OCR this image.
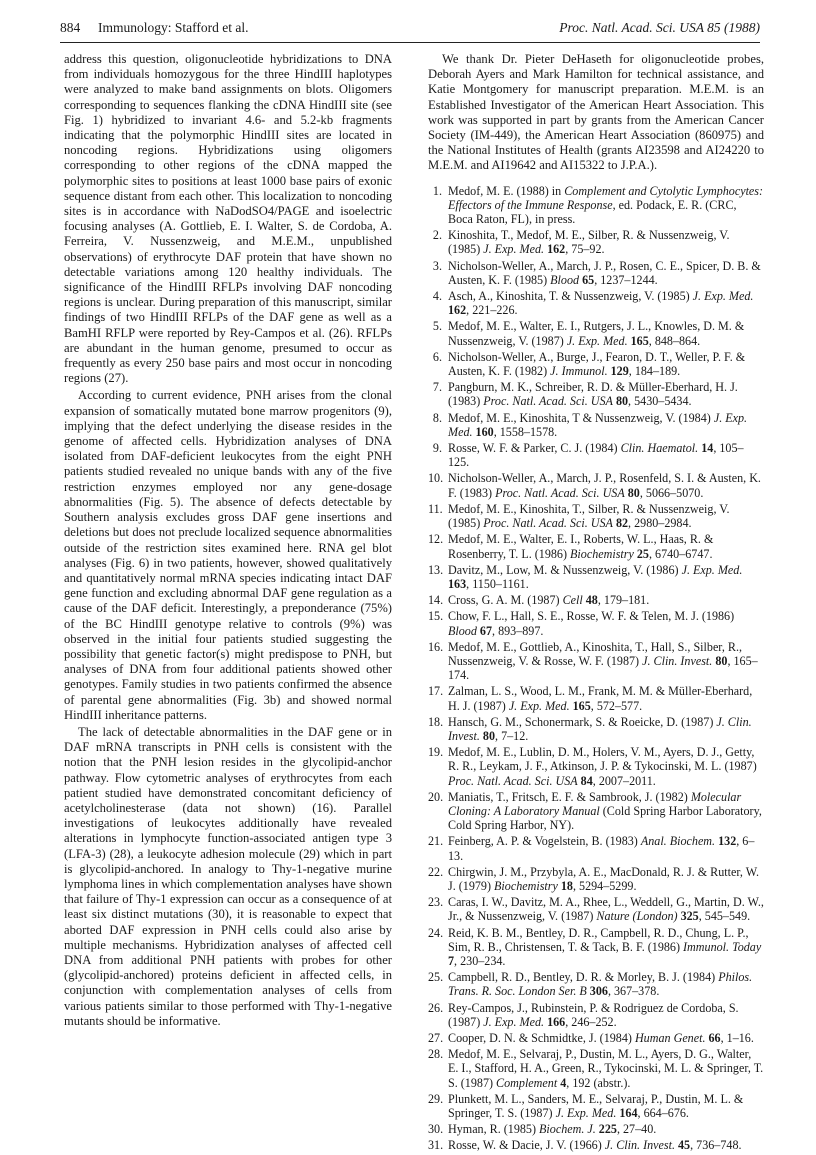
884 Immunology: Stafford et al.	Proc. Natl. Acad. Sci. USA 85 (1988)

address this question, oligonucleotide hybridizations to DNA from individuals homozygous for the three HindIII haplotypes were analyzed to make band assignments on blots. Oligomers corresponding to sequences flanking the cDNA HindIII site (see Fig. 1) hybridized to invariant 4.6- and 5.2-kb fragments indicating that the polymorphic HindIII sites are located in noncoding regions. Hybridizations using oligomers corresponding to other regions of the cDNA mapped the polymorphic sites to positions at least 1000 base pairs of exonic sequence distant from each other. This localization to noncoding sites is in accordance with NaDodSO4/PAGE and isoelectric focusing analyses (A. Gottlieb, E. I. Walter, S. de Cordoba, A. Ferreira, V. Nussenzweig, and M.E.M., unpublished observations) of erythrocyte DAF protein that have shown no detectable variations among 120 healthy individuals. The significance of the HindIII RFLPs involving DAF noncoding regions is unclear. During preparation of this manuscript, similar findings of two HindIII RFLPs of the DAF gene as well as a BamHI RFLP were reported by Rey-Campos et al. (26). RFLPs are abundant in the human genome, presumed to occur as frequently as every 250 base pairs and most occur in noncoding regions (27).

According to current evidence, PNH arises from the clonal expansion of somatically mutated bone marrow progenitors (9), implying that the defect underlying the disease resides in the genome of affected cells. Hybridization analyses of DNA isolated from DAF-deficient leukocytes from the eight PNH patients studied revealed no unique bands with any of the five restriction enzymes employed nor any gene-dosage abnormalities (Fig. 5). The absence of defects detectable by Southern analysis excludes gross DAF gene insertions and deletions but does not preclude localized sequence abnormalities outside of the restriction sites examined here. RNA gel blot analyses (Fig. 6) in two patients, however, showed qualitatively and quantitatively normal mRNA species indicating intact DAF gene function and excluding abnormal DAF gene regulation as a cause of the DAF deficit. Interestingly, a preponderance (75%) of the BC HindIII genotype relative to controls (9%) was observed in the initial four patients studied suggesting the possibility that genetic factor(s) might predispose to PNH, but analyses of DNA from four additional patients showed other genotypes. Family studies in two patients confirmed the absence of parental gene abnormalities (Fig. 3b) and showed normal HindIII inheritance patterns.

The lack of detectable abnormalities in the DAF gene or in DAF mRNA transcripts in PNH cells is consistent with the notion that the PNH lesion resides in the glycolipid-anchor pathway. Flow cytometric analyses of erythrocytes from each patient studied have demonstrated concomitant deficiency of acetylcholinesterase (data not shown) (16). Parallel investigations of leukocytes additionally have revealed alterations in lymphocyte function-associated antigen type 3 (LFA-3) (28), a leukocyte adhesion molecule (29) which in part is glycolipid-anchored. In analogy to Thy-1-negative murine lymphoma lines in which complementation analyses have shown that failure of Thy-1 expression can occur as a consequence of at least six distinct mutations (30), it is reasonable to expect that aborted DAF expression in PNH cells could also arise by multiple mechanisms. Hybridization analyses of affected cell DNA from additional PNH patients with probes for other (glycolipid-anchored) proteins deficient in affected cells, in conjunction with complementation analyses of cells from various patients similar to those performed with Thy-1-negative mutants should be informative.

We thank Dr. Pieter DeHaseth for oligonucleotide probes, Deborah Ayers and Mark Hamilton for technical assistance, and Katie Montgomery for manuscript preparation. M.E.M. is an Established Investigator of the American Heart Association. This work was supported in part by grants from the American Cancer Society (IM-449), the American Heart Association (860975) and the National Institutes of Health (grants AI23598 and AI24220 to M.E.M. and AI19642 and AI15322 to J.P.A.).

1. Medof, M. E. (1988) in Complement and Cytolytic Lymphocytes: Effectors of the Immune Response, ed. Podack, E. R. (CRC, Boca Raton, FL), in press.
2. Kinoshita, T., Medof, M. E., Silber, R. & Nussenzweig, V. (1985) J. Exp. Med. 162, 75–92.
3. Nicholson-Weller, A., March, J. P., Rosen, C. E., Spicer, D. B. & Austen, K. F. (1985) Blood 65, 1237–1244.
4. Asch, A., Kinoshita, T. & Nussenzweig, V. (1985) J. Exp. Med. 162, 221–226.
5. Medof, M. E., Walter, E. I., Rutgers, J. L., Knowles, D. M. & Nussenzweig, V. (1987) J. Exp. Med. 165, 848–864.
6. Nicholson-Weller, A., Burge, J., Fearon, D. T., Weller, P. F. & Austen, K. F. (1982) J. Immunol. 129, 184–189.
7. Pangburn, M. K., Schreiber, R. D. & Müller-Eberhard, H. J. (1983) Proc. Natl. Acad. Sci. USA 80, 5430–5434.
8. Medof, M. E., Kinoshita, T & Nussenzweig, V. (1984) J. Exp. Med. 160, 1558–1578.
9. Rosse, W. F. & Parker, C. J. (1984) Clin. Haematol. 14, 105–125.
10. Nicholson-Weller, A., March, J. P., Rosenfeld, S. I. & Austen, K. F. (1983) Proc. Natl. Acad. Sci. USA 80, 5066–5070.
11. Medof, M. E., Kinoshita, T., Silber, R. & Nussenzweig, V. (1985) Proc. Natl. Acad. Sci. USA 82, 2980–2984.
12. Medof, M. E., Walter, E. I., Roberts, W. L., Haas, R. & Rosenberry, T. L. (1986) Biochemistry 25, 6740–6747.
13. Davitz, M., Low, M. & Nussenzweig, V. (1986) J. Exp. Med. 163, 1150–1161.
14. Cross, G. A. M. (1987) Cell 48, 179–181.
15. Chow, F. L., Hall, S. E., Rosse, W. F. & Telen, M. J. (1986) Blood 67, 893–897.
16. Medof, M. E., Gottlieb, A., Kinoshita, T., Hall, S., Silber, R., Nussenzweig, V. & Rosse, W. F. (1987) J. Clin. Invest. 80, 165–174.
17. Zalman, L. S., Wood, L. M., Frank, M. M. & Müller-Eberhard, H. J. (1987) J. Exp. Med. 165, 572–577.
18. Hansch, G. M., Schonermark, S. & Roeicke, D. (1987) J. Clin. Invest. 80, 7–12.
19. Medof, M. E., Lublin, D. M., Holers, V. M., Ayers, D. J., Getty, R. R., Leykam, J. F., Atkinson, J. P. & Tykocinski, M. L. (1987) Proc. Natl. Acad. Sci. USA 84, 2007–2011.
20. Maniatis, T., Fritsch, E. F. & Sambrook, J. (1982) Molecular Cloning: A Laboratory Manual (Cold Spring Harbor Laboratory, Cold Spring Harbor, NY).
21. Feinberg, A. P. & Vogelstein, B. (1983) Anal. Biochem. 132, 6–13.
22. Chirgwin, J. M., Przybyla, A. E., MacDonald, R. J. & Rutter, W. J. (1979) Biochemistry 18, 5294–5299.
23. Caras, I. W., Davitz, M. A., Rhee, L., Weddell, G., Martin, D. W., Jr., & Nussenzweig, V. (1987) Nature (London) 325, 545–549.
24. Reid, K. B. M., Bentley, D. R., Campbell, R. D., Chung, L. P., Sim, R. B., Christensen, T. & Tack, B. F. (1986) Immunol. Today 7, 230–234.
25. Campbell, R. D., Bentley, D. R. & Morley, B. J. (1984) Philos. Trans. R. Soc. London Ser. B 306, 367–378.
26. Rey-Campos, J., Rubinstein, P. & Rodriguez de Cordoba, S. (1987) J. Exp. Med. 166, 246–252.
27. Cooper, D. N. & Schmidtke, J. (1984) Human Genet. 66, 1–16.
28. Medof, M. E., Selvaraj, P., Dustin, M. L., Ayers, D. G., Walter, E. I., Stafford, H. A., Green, R., Tykocinski, M. L. & Springer, T. S. (1987) Complement 4, 192 (abstr.).
29. Plunkett, M. L., Sanders, M. E., Selvaraj, P., Dustin, M. L. & Springer, T. S. (1987) J. Exp. Med. 164, 664–676.
30. Hyman, R. (1985) Biochem. J. 225, 27–40.
31. Rosse, W. & Dacie, J. V. (1966) J. Clin. Invest. 45, 736–748.
